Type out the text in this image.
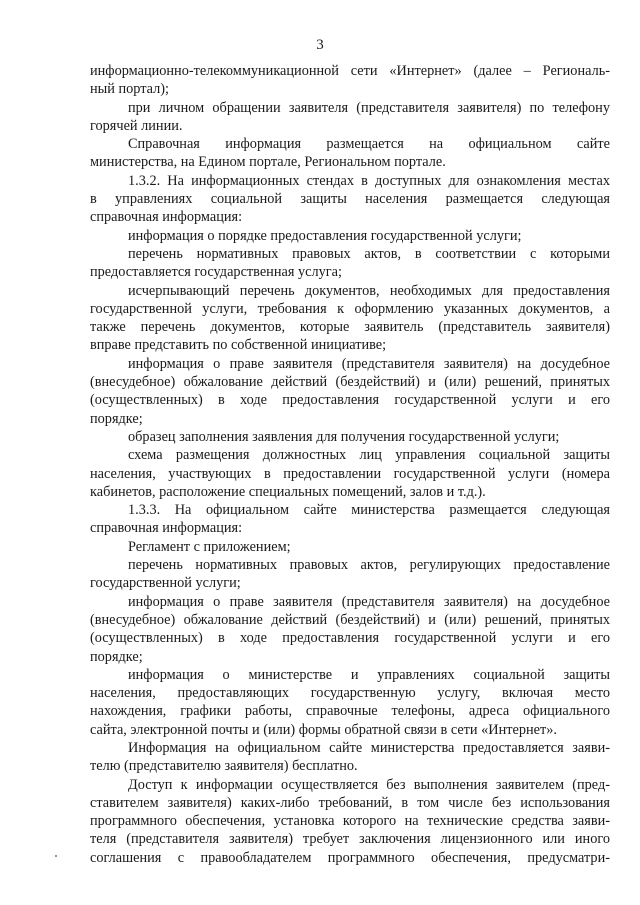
3
информационно-телекоммуникационной сети «Интернет» (далее – Региональ-
ный портал);
при личном обращении заявителя (представителя заявителя) по телефону
горячей линии.
Справочная информация размещается на официальном сайте
министерства, на Едином портале, Региональном портале.
1.3.2. На информационных стендах в доступных для ознакомления местах
в управлениях социальной защиты населения размещается следующая
справочная информация:
информация о порядке предоставления государственной услуги;
перечень нормативных правовых актов, в соответствии с которыми
предоставляется государственная услуга;
исчерпывающий перечень документов, необходимых для предоставления
государственной услуги, требования к оформлению указанных документов, а
также перечень документов, которые заявитель (представитель заявителя)
вправе представить по собственной инициативе;
информация о праве заявителя (представителя заявителя) на досудебное
(внесудебное) обжалование действий (бездействий) и (или) решений, принятых
(осуществленных) в ходе предоставления государственной услуги и его
порядке;
образец заполнения заявления для получения государственной услуги;
схема размещения должностных лиц управления социальной защиты
населения, участвующих в предоставлении государственной услуги (номера
кабинетов, расположение специальных помещений, залов и т.д.).
1.3.3. На официальном сайте министерства размещается следующая
справочная информация:
Регламент с приложением;
перечень нормативных правовых актов, регулирующих предоставление
государственной услуги;
информация о праве заявителя (представителя заявителя) на досудебное
(внесудебное) обжалование действий (бездействий) и (или) решений, принятых
(осуществленных) в ходе предоставления государственной услуги и его
порядке;
информация о министерстве и управлениях социальной защиты
населения, предоставляющих государственную услугу, включая место
нахождения, графики работы, справочные телефоны, адреса официального
сайта, электронной почты и (или) формы обратной связи в сети «Интернет».
Информация на официальном сайте министерства предоставляется заяви-
телю (представителю заявителя) бесплатно.
Доступ к информации осуществляется без выполнения заявителем (пред-
ставителем заявителя) каких-либо требований, в том числе без использования
программного обеспечения, установка которого на технические средства заяви-
теля (представителя заявителя) требует заключения лицензионного или иного
соглашения с правообладателем программного обеспечения, предусматри-
